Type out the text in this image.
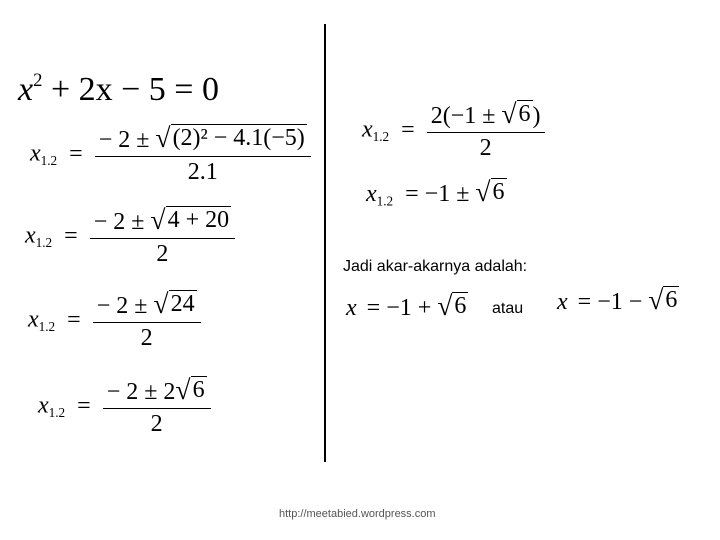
$x^2 + 2x - 5 = 0$
$x_{1.2} = \frac{\text{− 2 ± √ (2)² − 4.1(−5)}}{2.1}$
$x_{1.2} = \frac{- 2 \pm √ 4 + 20}{2}$
$x_{1.2} = \frac{- 2 \pm √ 24}{2}$
$x_{1.2} = \frac{- 2 \pm 2 √ 6}{2}$
$x_{1.2} = \frac{2(-1 \pm √ 6 )}{2}$
$x_{1.2} = -1$ ± √ 6
Jadi akar-akarnya adalah:
x = −1 + √ 6 atau x = −1 − √ 6
http://meetabied.wordpress.com
